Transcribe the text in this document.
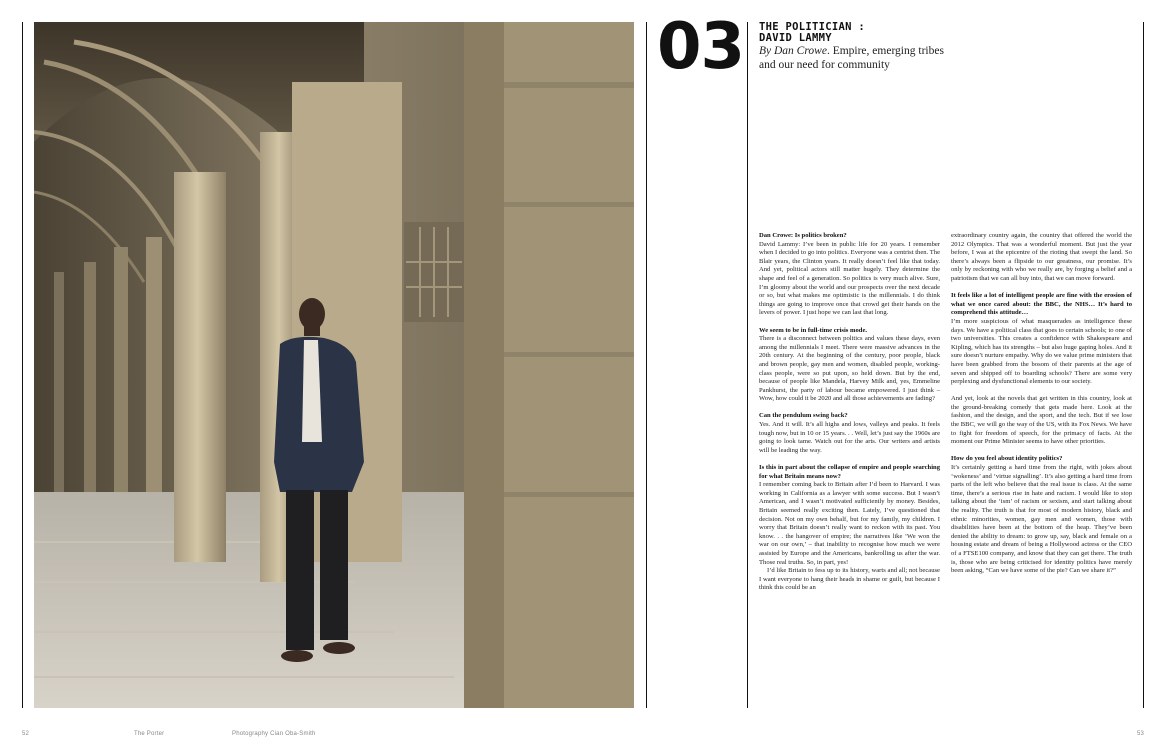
03 THE POLITICIAN :
DAVID LAMMY
By Dan Crowe. Empire, emerging tribes and our need for community

Dan Crowe: Is politics broken?

David Lammy: I’ve been in public life for 20 years. I remember when I decided to go into politics. Everyone was a centrist then. The Blair years, the Clinton years. It really doesn’t feel like that today. And yet, political actors still matter hugely. They determine the shape and feel of a generation. So politics is very much alive. Sure, I’m gloomy about the world and our prospects over the next decade or so, but what makes me optimistic is the millennials. I do think things are going to improve once that crowd get their hands on the levers of power. I just hope we can last that long.

We seem to be in full-time crisis mode.

There is a disconnect between politics and values these days, even among the millennials I meet. There were massive advances in the 20th century. At the beginning of the century, poor people, black and brown people, gay men and women, disabled people, working-class people, were so put upon, so held down. But by the end, because of people like Mandela, Harvey Milk and, yes, Emmeline Pankhurst, the party of labour became empowered. I just think – Wow, how could it be 2020 and all those achievements are fading?

Can the pendulum swing back?

Yes. And it will. It’s all highs and lows, valleys and peaks. It feels tough now, but in 10 or 15 years. . . Well, let’s just say the 1960s are going to look tame. Watch out for the arts. Our writers and artists will be leading the way.

Is this in part about the collapse of empire and people searching for what Britain means now?

I remember coming back to Britain after I’d been to Harvard. I was working in California as a lawyer with some success. But I wasn’t American, and I wasn’t motivated sufficiently by money. Besides, Britain seemed really exciting then. Lately, I’ve questioned that decision. Not on my own behalf, but for my family, my children. I worry that Britain doesn’t really want to reckon with its past. You know. . . the hangover of empire; the narratives like ‘We won the war on our own,’ – that inability to recognise how much we were assisted by Europe and the Americans, bankrolling us after the war. Those real truths. So, in part, yes!

I’d like Britain to fess up to its history, warts and all; not because I want everyone to hang their heads in shame or guilt, but because I think this could be an

extraordinary country again, the country that offered the world the 2012 Olympics. That was a wonderful moment. But just the year before, I was at the epicentre of the rioting that swept the land. So there’s always been a flipside to our greatness, our promise. It’s only by reckoning with who we really are, by forging a belief and a patriotism that we can all buy into, that we can move forward.

It feels like a lot of intelligent people are fine with the erosion of what we once cared about: the BBC, the NHS… It’s hard to comprehend this attitude…

I’m more suspicious of what masquerades as intelligence these days. We have a political class that goes to certain schools; to one of two universities. This creates a confidence with Shakespeare and Kipling, which has its strengths – but also huge gaping holes. And it sure doesn’t nurture empathy. Why do we value prime ministers that have been grabbed from the bosom of their parents at the age of seven and shipped off to boarding schools? There are some very perplexing and dysfunctional elements to our society.

And yet, look at the novels that get written in this country, look at the ground-breaking comedy that gets made here. Look at the fashion, and the design, and the sport, and the tech. But if we lose the BBC, we will go the way of the US, with its Fox News. We have to fight for freedom of speech, for the primacy of facts. At the moment our Prime Minister seems to have other priorities.

How do you feel about identity politics?

It’s certainly getting a hard time from the right, with jokes about ‘wokeness’ and ‘virtue signalling’. It’s also getting a hard time from parts of the left who believe that the real issue is class. At the same time, there’s a serious rise in hate and racism. I would like to stop talking about the ‘ism’ of racism or sexism, and start talking about the reality. The truth is that for most of modern history, black and ethnic minorities, women, gay men and women, those with disabilities have been at the bottom of the heap. They’ve been denied the ability to dream: to grow up, say, black and female on a housing estate and dream of being a Hollywood actress or the CEO of a FTSE100 company, and know that they can get there. The truth is, those who are being criticised for identity politics have merely been asking, “Can we have some of the pie? Can we share it?”

52	The Porter	Photography Cian Oba-Smith	53
